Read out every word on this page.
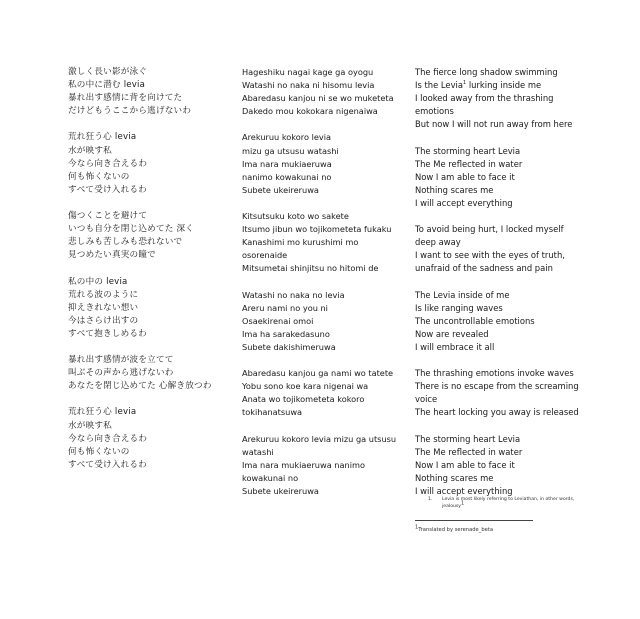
激しく長い影が泳ぐ
私の中に潜む levia
暴れ出す感情に背を向けてた
だけどもうここから逃げないわ
荒れ狂う心 levia
水が映す私
今なら向き合えるわ
何も怖くないの
すべて受け入れるわ
傷つくことを避けて
いつも自分を閉じ込めてた 深く
悲しみも苦しみも恐れないで
見つめたい真実の瞳で
私の中の levia
荒れる波のように
抑えきれない想い
今はさらけ出すの
すべて抱きしめるわ
暴れ出す感情が波を立てて
叫ぶその声から逃げないわ
あなたを閉じ込めてた 心解き放つわ
荒れ狂う心 levia
水が映す私
今なら向き合えるわ
何も怖くないの
すべて受け入れるわ
Hageshiku nagai kage ga oyogu
Watashi no naka ni hisomu levia
Abaredasu kanjou ni se wo muketeta
Dakedo mou kokokara nigenaiwa
Arekuruu kokoro levia
mizu ga utsusu watashi
Ima nara mukiaeruwa
nanimo kowakunai no
Subete ukeireruwa
Kitsutsuku koto wo sakete
Itsumo jibun wo tojikometeta fukaku
Kanashimi mo kurushimi mo
osorenaide
Mitsumetai shinjitsu no hitomi de
Watashi no naka no levia
Areru nami no you ni
Osaekirenai omoi
Ima ha sarakedasuno
Subete dakishimeruwa
Abaredasu kanjou ga nami wo tatete
Yobu sono koe kara nigenai wa
Anata wo tojikometeta kokoro
tokihanatsuwa
Arekuruu kokoro levia mizu ga utsusu
watashi
Ima nara mukiaeruwa nanimo
kowakunai no
Subete ukeireruwa
The fierce long shadow swimming
Is the Levia$^1$ lurking inside me
I looked away from the thrashing
emotions
But now I will not run away from here
The storming heart Levia
The Me reflected in water
Now I am able to face it
Nothing scares me
I will accept everything
To avoid being hurt, I locked myself
deep away
I want to see with the eyes of truth,
unafraid of the sadness and pain
The Levia inside of me
Is like ranging waves
The uncontrollable emotions
Now are revealed
I will embrace it all
The thrashing emotions invoke waves
There is no escape from the screaming
voice
The heart locking you away is released
The storming heart Levia
The Me reflected in water
Now I am able to face it
Nothing scares me
I will accept everything
1. Levia is most likely referring to Leviathan, in other words, jealousy$^1$
$^1$Translated by serenade_beta
